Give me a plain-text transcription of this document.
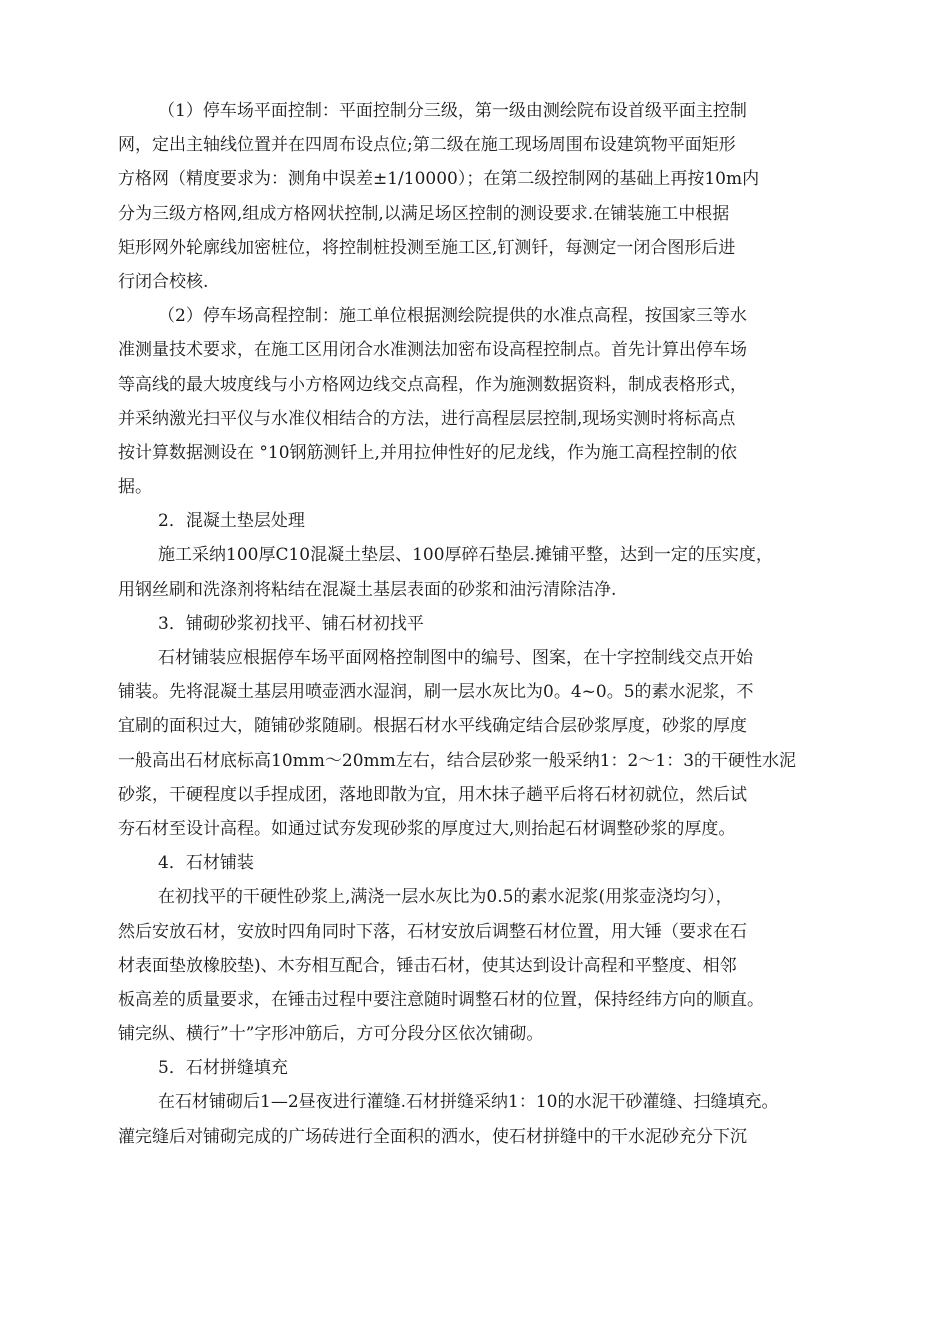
（1）停车场平面控制：平面控制分三级，第一级由测绘院布设首级平面主控制
网，定出主轴线位置并在四周布设点位;第二级在施工现场周围布设建筑物平面矩形
方格网（精度要求为：测角中误差±1/10000）；在第二级控制网的基础上再按10m内
分为三级方格网,组成方格网状控制,以满足场区控制的测设要求.在铺装施工中根据
矩形网外轮廓线加密桩位，将控制桩投测至施工区,钉测钎，每测定一闭合图形后进
行闭合校核.
（2）停车场高程控制：施工单位根据测绘院提供的水准点高程，按国家三等水
准测量技术要求，在施工区用闭合水准测法加密布设高程控制点。首先计算出停车场
等高线的最大坡度线与小方格网边线交点高程，作为施测数据资料，制成表格形式，
并采纳激光扫平仪与水准仪相结合的方法，进行高程层层控制,现场实测时将标高点
按计算数据测设在 °10钢筋测钎上,并用拉伸性好的尼龙线，作为施工高程控制的依
据。
2．混凝土垫层处理
施工采纳100厚C10混凝土垫层、100厚碎石垫层.摊铺平整，达到一定的压实度，
用钢丝刷和洗涤剂将粘结在混凝土基层表面的砂浆和油污清除洁净.
3．铺砌砂浆初找平、铺石材初找平
石材铺装应根据停车场平面网格控制图中的编号、图案，在十字控制线交点开始
铺装。先将混凝土基层用喷壶洒水湿润，刷一层水灰比为0。4~0。5的素水泥浆，不
宜刷的面积过大，随铺砂浆随刷。根据石材水平线确定结合层砂浆厚度，砂浆的厚度
一般高出石材底标高10mm～20mm左右，结合层砂浆一般采纳1：2～1：3的干硬性水泥
砂浆，干硬程度以手捏成团，落地即散为宜，用木抹子趟平后将石材初就位，然后试
夯石材至设计高程。如通过试夯发现砂浆的厚度过大,则抬起石材调整砂浆的厚度。
4．石材铺装
在初找平的干硬性砂浆上,满浇一层水灰比为0.5的素水泥浆(用浆壶浇均匀），
然后安放石材，安放时四角同时下落，石材安放后调整石材位置，用大锤（要求在石
材表面垫放橡胶垫)、木夯相互配合，锤击石材，使其达到设计高程和平整度、相邻
板高差的质量要求，在锤击过程中要注意随时调整石材的位置，保持经纬方向的顺直。
铺完纵、横行”十”字形冲筋后，方可分段分区依次铺砌。
5．石材拼缝填充
在石材铺砌后1—2昼夜进行灌缝.石材拼缝采纳1：10的水泥干砂灌缝、扫缝填充。
灌完缝后对铺砌完成的广场砖进行全面积的洒水，使石材拼缝中的干水泥砂充分下沉
